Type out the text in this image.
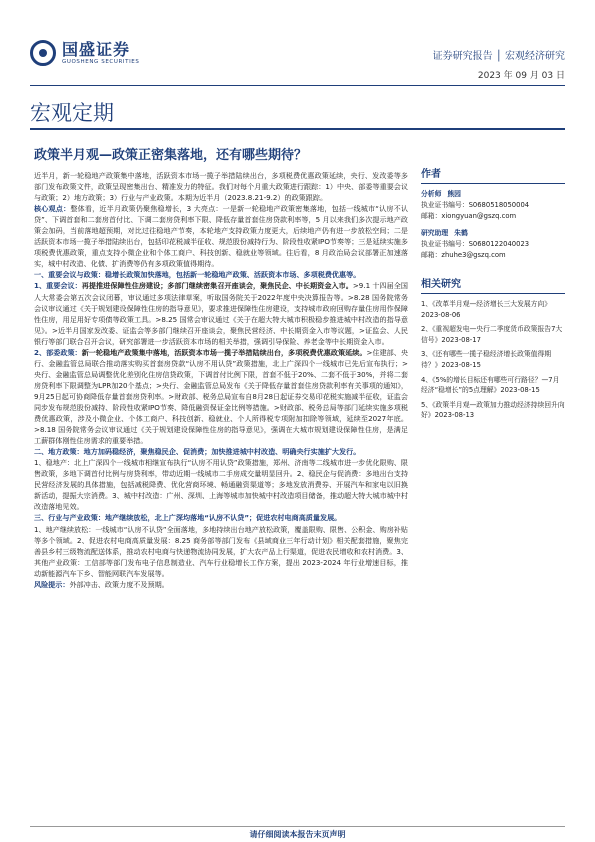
国盛证券
GUOSHENG SECURITIES	证券研究报告 │ 宏观经济研究
2023 年 09 月 03 日
宏观定期
政策半月观—政策正密集落地，还有哪些期待？

近半月，新一轮稳地产政策集中落地，活跃资本市场一揽子举措陆续出台，多项税费优惠政策延续，央行、发改委等多部门发布政策文件，政策呈现密集出台、精准发力的特征。我们对每个月重大政策进行跟踪：1）中央、部委等重要会议与政策；2）地方政策；3）行业与产业政策。本期为近半月（2023.8.21-9.2）的政策跟踪。

核心观点：整体看，近半月政策仍聚焦稳增长，3 大亮点：一是新一轮稳地产政策密集落地，包括一线城市“认房不认贷”、下调首套和二套房首付比、下调二套房贷利率下限、降低存量首套住房贷款利率等，5 月以来我们多次提示地产政策会加码，当前落地超预期，对比过往稳地产节奏，本轮地产支持政策力度更大，后续地产仍有进一步放松空间；二是活跃资本市场一揽子举措陆续出台，包括印花税减半征收、规范股份减持行为、阶段性收紧IPO节奏等；三是延续实施多项税费优惠政策，重点支持小微企业和个体工商户、科技创新、稳就业等领域。往后看，8 月政治局会议部署正加速落实，城中村改造、化债、扩消费等仍有多项政策值得期待。

一、重要会议与政策：稳增长政策加快落地，包括新一轮稳地产政策、活跃资本市场、多项税费优惠等。

1、重要会议：再提推进保障性住房建设；多部门继续密集召开座谈会，聚焦民企、中长期资金入市。>9.1 十四届全国人大常委会第五次会议闭幕，审议通过多项法律草案，听取国务院关于2022年度中央决算报告等。>8.28 国务院常务会议审议通过《关于规划建设保障性住房的指导意见》，要求推进保障性住房建设，支持城市政府回购存量住房用作保障性住房，用足用好专项债等政策工具。>8.25 国常会审议通过《关于在超大特大城市积极稳步推进城中村改造的指导意见》。>近半月国家发改委、证监会等多部门继续召开座谈会，聚焦民营经济、中长期资金入市等议题，>证监会、人民银行等部门联合召开会议，研究部署进一步活跃资本市场的相关举措，强调引导保险、养老金等中长期资金入市。

2、部委政策：新一轮稳地产政策集中落地，活跃资本市场一揽子举措陆续出台，多项税费优惠政策延续。>住建部、央行、金融监管总局联合推动落实购买首套房贷款“认房不用认贷”政策措施，北上广深四个一线城市已先后宣布执行；>央行、金融监管总局调整优化差别化住房信贷政策，下调首付比例下限，首套不低于20%、二套不低于30%，并将二套房贷利率下限调整为LPR加20个基点；>央行、金融监管总局发布《关于降低存量首套住房贷款利率有关事项的通知》，9月25日起可协商降低存量首套房贷利率。>财政部、税务总局宣布自8月28日起证券交易印花税实施减半征收，证监会同步发布规范股份减持、阶段性收紧IPO节奏、降低融资保证金比例等措施。>财政部、税务总局等部门延续实施多项税费优惠政策，涉及小微企业、个体工商户、科技创新、稳就业、个人所得税专项附加扣除等领域，延续至2027年底。>8.18 国务院常务会议审议通过《关于规划建设保障性住房的指导意见》，强调在大城市规划建设保障性住房，是满足工薪群体刚性住房需求的重要举措。

二、地方政策：地方加码稳经济，聚焦稳民企、促消费；加快推进城中村改造、明确央行实施扩大发行。

1、稳地产：北上广深四个一线城市相继宣布执行“认房不用认贷”政策措施，郑州、济南等二线城市进一步优化限购、限售政策，多地下调首付比例与房贷利率，带动近期一线城市二手房成交量明显回升。2、稳民企与促消费：多地出台支持民营经济发展的具体措施，包括减税降费、优化营商环境、畅通融资渠道等；多地发放消费券、开展汽车和家电以旧换新活动，提振大宗消费。3、城中村改造：广州、深圳、上海等城市加快城中村改造项目储备，推动超大特大城市城中村改造落地见效。

三、行业与产业政策：地产继续放松，北上广深均落地“认房不认贷”；促进农村电商高质量发展。

1、地产继续放松：一线城市“认房不认贷”全面落地，多地持续出台地产放松政策，覆盖限购、限售、公积金、购房补贴等多个领域。2、促进农村电商高质量发展：8.25 商务部等部门发布《县域商业三年行动计划》相关配套措施，聚焦完善县乡村三级物流配送体系，推动农村电商与快递物流协同发展，扩大农产品上行渠道，促进农民增收和农村消费。3、其他产业政策：工信部等部门发布电子信息制造业、汽车行业稳增长工作方案，提出 2023-2024 年行业增速目标，推动新能源汽车下乡、智能网联汽车发展等。

风险提示：外部冲击、政策力度不及预期。

作者
分析师 熊园
执业证书编号：S0680518050004
邮箱：xiongyuan@gszq.com
研究助理 朱鹤
执业证书编号：S0680122040023
邮箱：zhuhe3@gszq.com
相关研究
1、《改革半月观—经济增长三大发展方向》2023-08-06
2、《重视超发电—央行二季度货币政策报告7大信号》2023-08-17
3、《还有哪些一揽子稳经济增长政策值得期待？》2023-08-15
4、《5%的增长目标还有哪些可行路径？—7月经济“稳增长”的5点理解》2023-08-15
5、《政策半月观—政策加力推动经济持续回升向好》2023-08-13
请仔细阅读本报告末页声明
